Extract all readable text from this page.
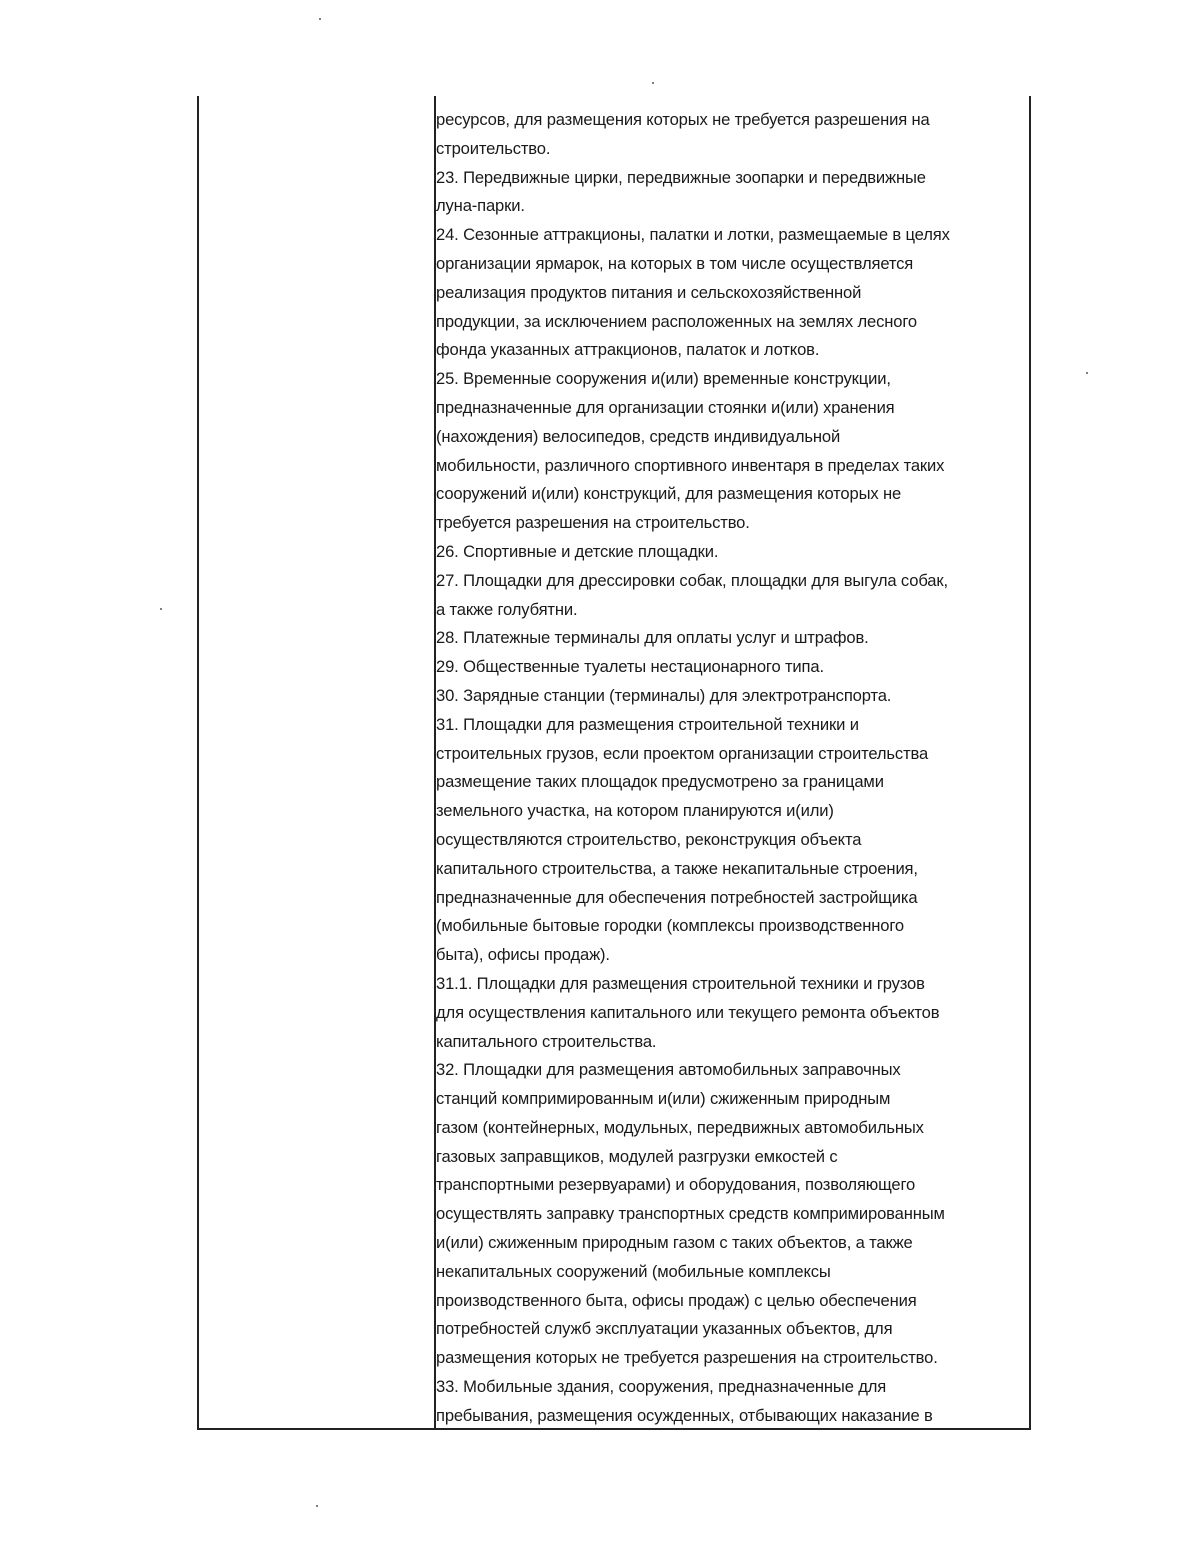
ресурсов, для размещения которых не требуется разрешения на
строительство.
23. Передвижные цирки, передвижные зоопарки и передвижные
луна-парки.
24. Сезонные аттракционы, палатки и лотки, размещаемые в целях
организации ярмарок, на которых в том числе осуществляется
реализация продуктов питания и сельскохозяйственной
продукции, за исключением расположенных на землях лесного
фонда указанных аттракционов, палаток и лотков.
25. Временные сооружения и(или) временные конструкции,
предназначенные для организации стоянки и(или) хранения
(нахождения) велосипедов, средств индивидуальной
мобильности, различного спортивного инвентаря в пределах таких
сооружений и(или) конструкций, для размещения которых не
требуется разрешения на строительство.
26. Спортивные и детские площадки.
27. Площадки для дрессировки собак, площадки для выгула собак,
а также голубятни.
28. Платежные терминалы для оплаты услуг и штрафов.
29. Общественные туалеты нестационарного типа.
30. Зарядные станции (терминалы) для электротранспорта.
31. Площадки для размещения строительной техники и
строительных грузов, если проектом организации строительства
размещение таких площадок предусмотрено за границами
земельного участка, на котором планируются и(или)
осуществляются строительство, реконструкция объекта
капитального строительства, а также некапитальные строения,
предназначенные для обеспечения потребностей застройщика
(мобильные бытовые городки (комплексы производственного
быта), офисы продаж).
31.1. Площадки для размещения строительной техники и грузов
для осуществления капитального или текущего ремонта объектов
капитального строительства.
32. Площадки для размещения автомобильных заправочных
станций компримированным и(или) сжиженным природным
газом (контейнерных, модульных, передвижных автомобильных
газовых заправщиков, модулей разгрузки емкостей с
транспортными резервуарами) и оборудования, позволяющего
осуществлять заправку транспортных средств компримированным
и(или) сжиженным природным газом с таких объектов, а также
некапитальных сооружений (мобильные комплексы
производственного быта, офисы продаж) с целью обеспечения
потребностей служб эксплуатации указанных объектов, для
размещения которых не требуется разрешения на строительство.
33. Мобильные здания, сооружения, предназначенные для
пребывания, размещения осужденных, отбывающих наказание в
